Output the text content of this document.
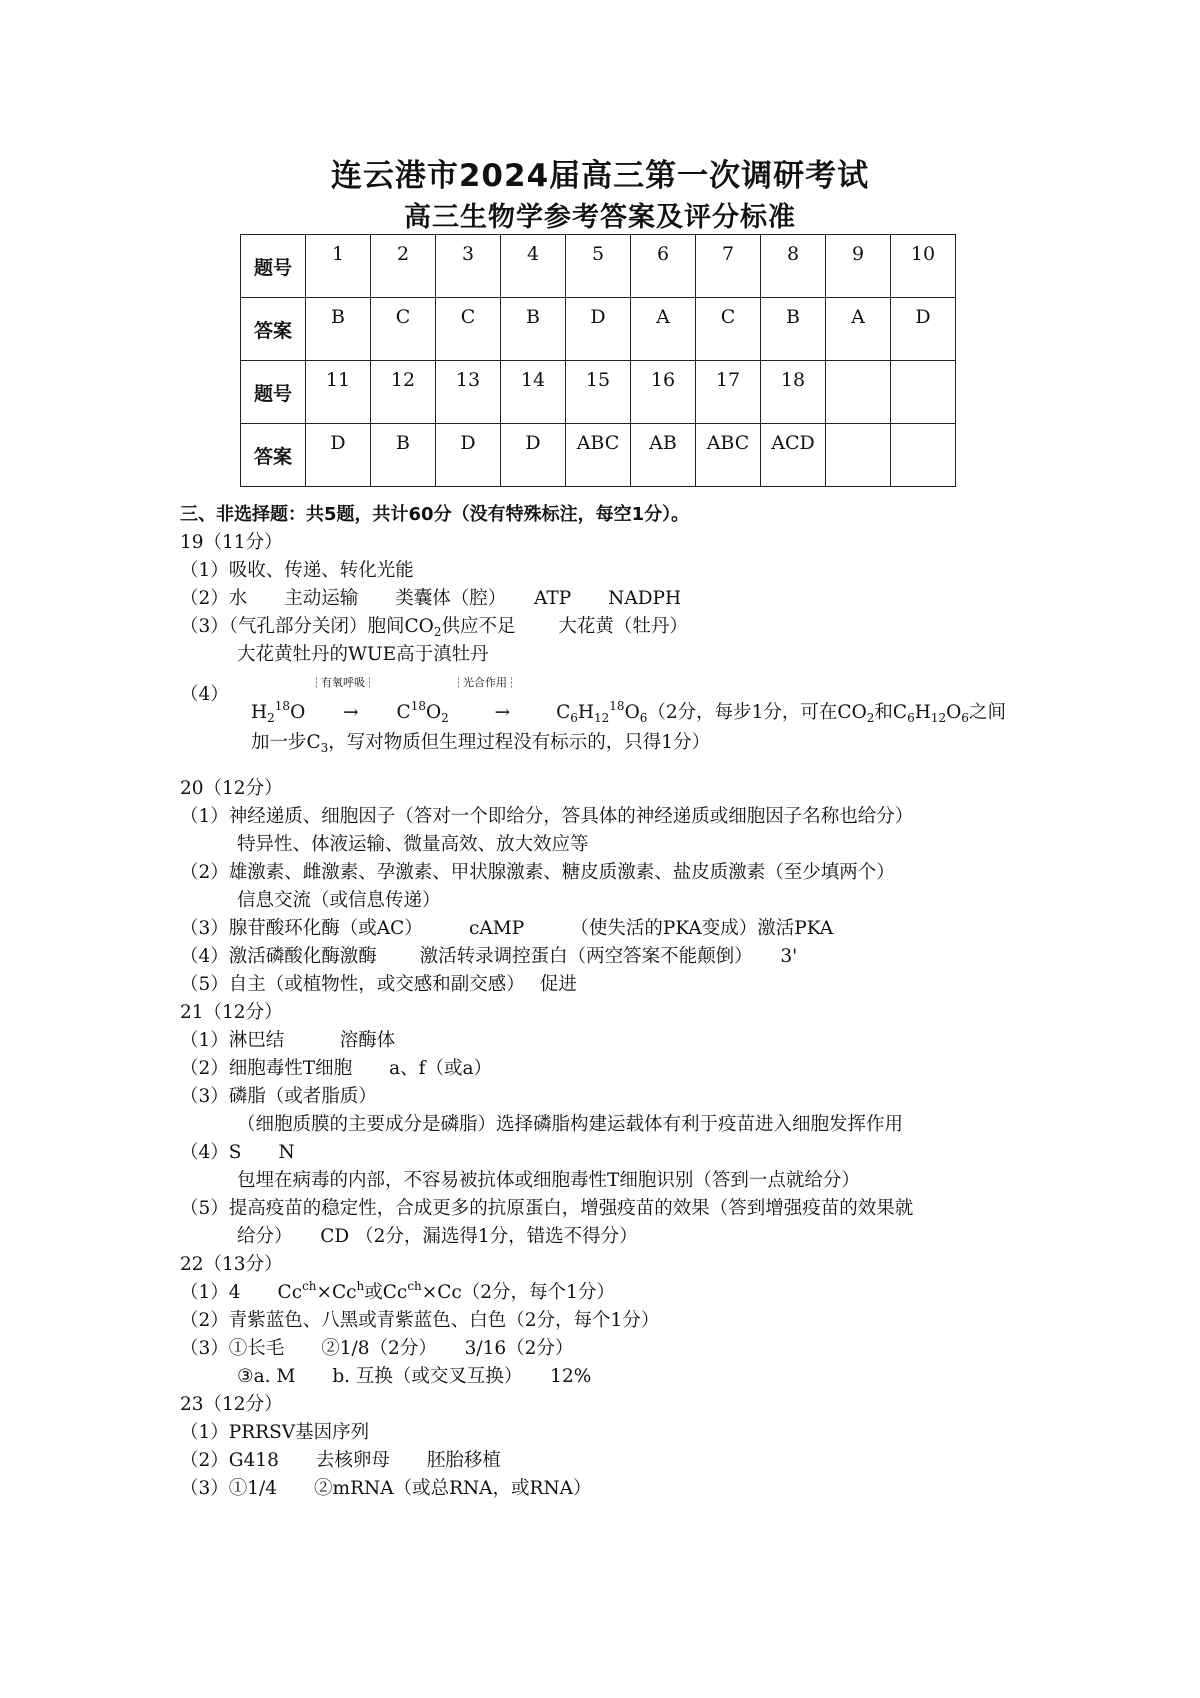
连云港市2024届高三第一次调研考试
高三生物学参考答案及评分标准
题号	1	2	3	4	5	6	7	8	9	10

答案	B	C	C	B	D	A	C	B	A	D

题号	11	12	13	14	15	16	17	18		

答案	D	B	D	D	ABC	AB	ABC	ACD		

三、非选择题：共5题，共计60分（没有特殊标注，每空1分）。
19（11分）
（1）吸收、传递、转化光能
（2）水　　主动运输　　类囊体（腔）　　ATP　　NADPH
（3）（气孔部分关闭）胞间$CO_2$供应不足　　 大花黄（牡丹）
大花黄牡丹的WUE高于滇牡丹
（4）
有氧呼吸	光合作用
$H_2^{18}O \to C^{18}O_2 \to C_6H_{12}^{18}O_6(2$分，每步1分，可在$CO_2$和$C_6H_{12}O_6$之间
加一步$C_3$，写对物质但生理过程没有标示的，只得1分）
20（12分）
（1）神经递质、细胞因子（答对一个即给分，答具体的神经递质或细胞因子名称也给分）
特异性、体液运输、微量高效、放大效应等
（2）雄激素、雌激素、孕激素、甲状腺激素、糖皮质激素、盐皮质激素（至少填两个）
信息交流（或信息传递）
（3）腺苷酸环化酶（或AC）　　　cAMP　　　（使失活的PKA变成）激活PKA
（4）激活磷酸化酶激酶　　 激活转录调控蛋白（两空答案不能颠倒）　　3'
（5）自主（或植物性，或交感和副交感）　 促进
21（12分）
（1）淋巴结　　　溶酶体
（2）细胞毒性T细胞　　a、f（或a）
（3）磷脂（或者脂质）
（细胞质膜的主要成分是磷脂）选择磷脂构建运载体有利于疫苗进入细胞发挥作用
（4）S　　N
包埋在病毒的内部，不容易被抗体或细胞毒性T细胞识别（答到一点就给分）
（5）提高疫苗的稳定性，合成更多的抗原蛋白，增强疫苗的效果（答到增强疫苗的效果就
给分）　　CD （2分，漏选得1分，错选不得分）
22（13分）
（1）4　　$Cc^{ch}\times Cc^h$或$Cc^{ch}\times Cc(2$分，每个1分）
（2）青紫蓝色、八黑或青紫蓝色、白色（2分，每个1分）
（3）①长毛　　②1/8（2分）　　3/16（2分）
③a. M　　b. 互换（或交叉互换）　　12%
23（12分）
（1）PRRSV基因序列
（2）G418　　去核卵母　　胚胎移植
（3）①1/4　　②mRNA（或总RNA，或RNA）
